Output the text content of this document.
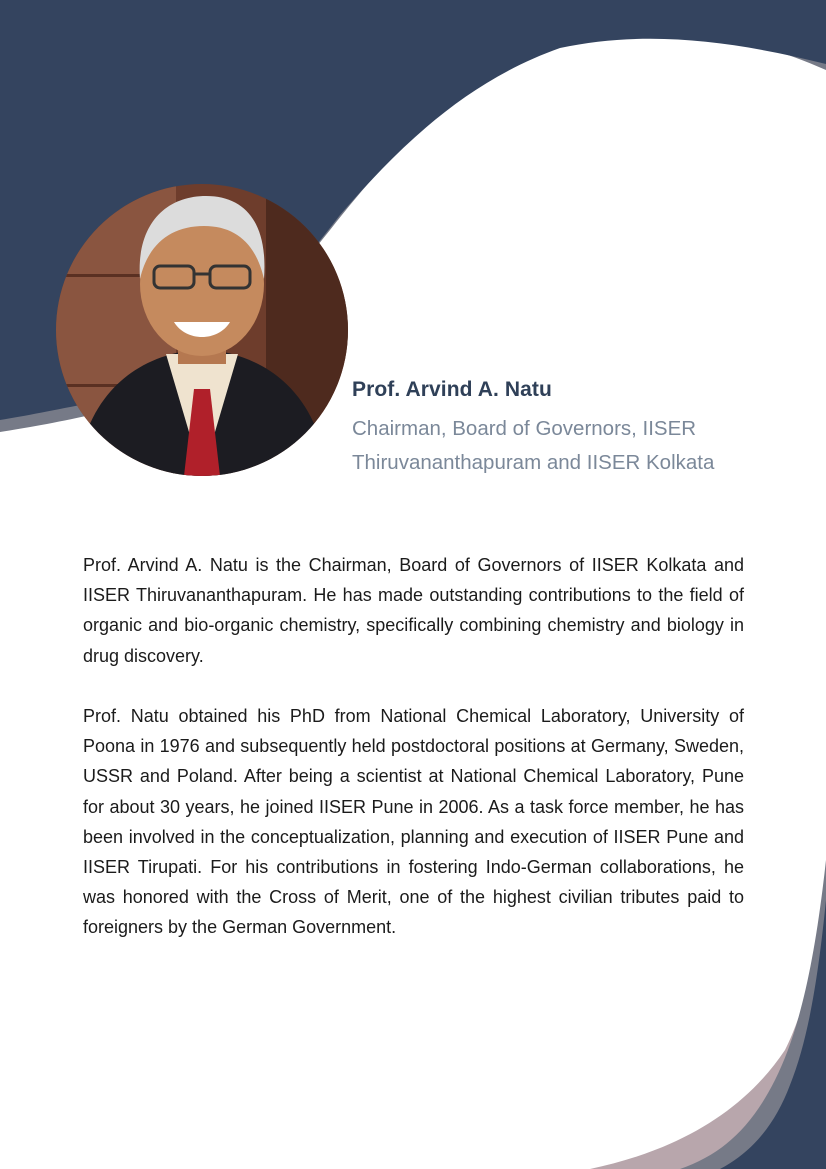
Prof. Arvind A. Natu
Chairman, Board of Governors, IISER
Thiruvananthapuram and IISER Kolkata

Prof. Arvind A. Natu is the Chairman, Board of Governors of IISER Kolkata and IISER Thiruvananthapuram. He has made outstanding contributions to the field of organic and bio-organic chemistry, specifically combining chemistry and biology in drug discovery.

Prof. Natu obtained his PhD from National Chemical Laboratory, University of Poona in 1976 and subsequently held postdoctoral positions at Germany, Sweden, USSR and Poland. After being a scientist at National Chemical Laboratory, Pune for about 30 years, he joined IISER Pune in 2006. As a task force member, he has been involved in the conceptualization, planning and execution of IISER Pune and IISER Tirupati. For his contributions in fostering Indo-German collaborations, he was honored with the Cross of Merit, one of the highest civilian tributes paid to foreigners by the German Government.
